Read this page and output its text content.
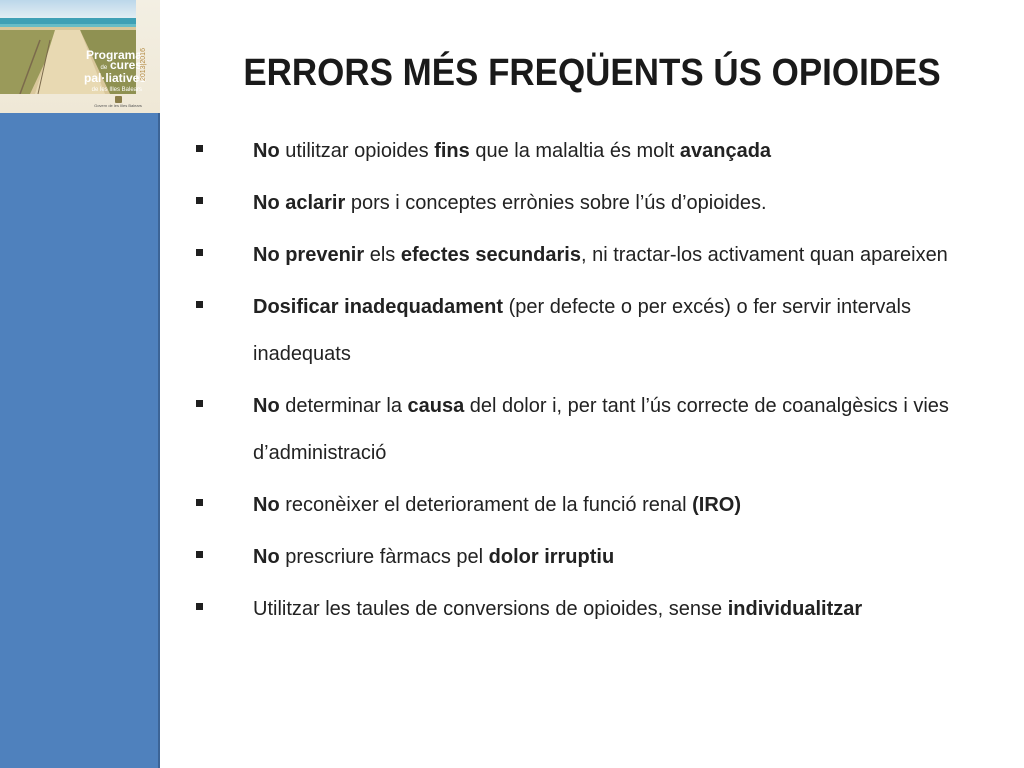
Programa
de cures pal·liatives
de les Illes Balears
2013|2016
Govern de les Illes Balears
ERRORS MÉS FREQÜENTS ÚS OPIOIDES
No utilitzar opioides fins que la malaltia és molt avançada
No aclarir pors i conceptes errònies sobre l’ús d’opioides.
No prevenir els efectes secundaris, ni tractar-los activament quan apareixen
Dosificar inadequadament (per defecte o per excés) o fer servir intervals inadequats
No determinar la causa del dolor i, per tant l’ús correcte de coanalgèsics i vies d’administració
No reconèixer el deteriorament de la funció renal (IRO)
No prescriure fàrmacs pel dolor irruptiu
Utilitzar les taules de conversions de opioides, sense individualitzar
